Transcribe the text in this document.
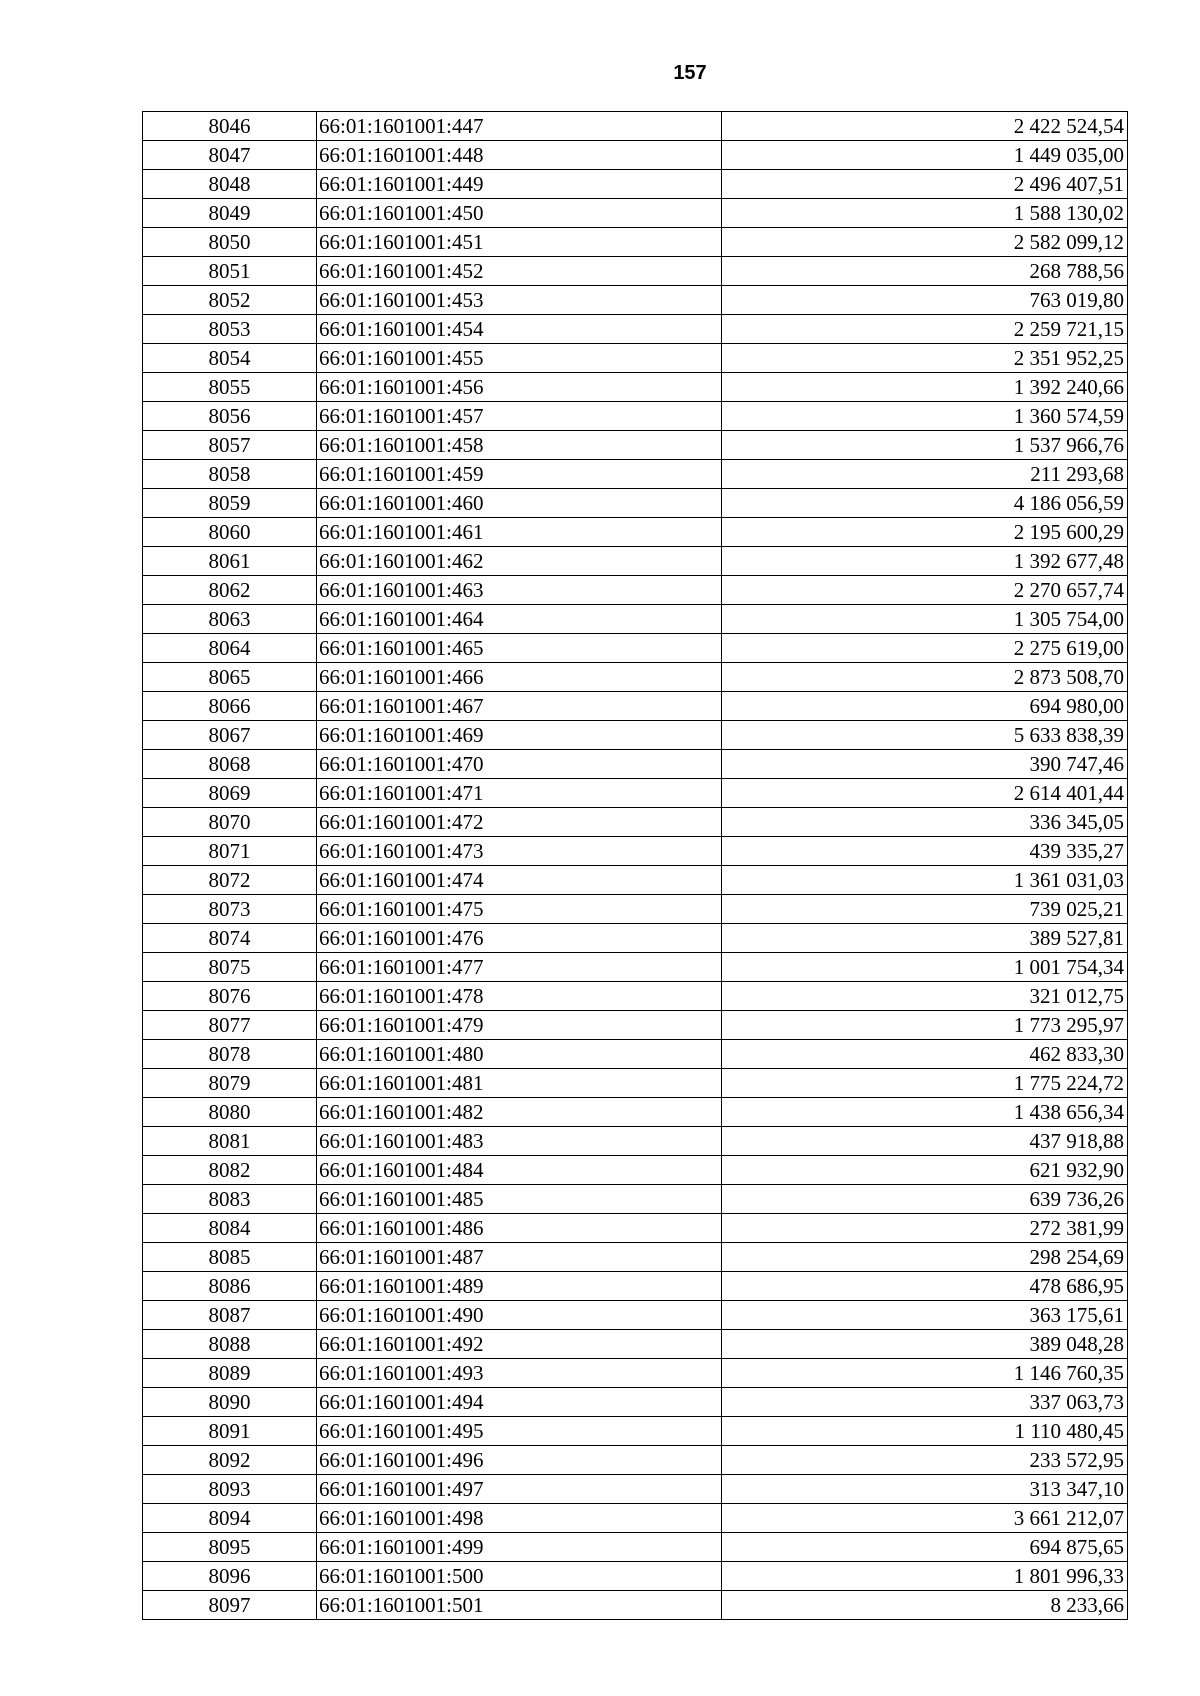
157
8046	66:01:1601001:447	2 422 524,54
8047	66:01:1601001:448	1 449 035,00
8048	66:01:1601001:449	2 496 407,51
8049	66:01:1601001:450	1 588 130,02
8050	66:01:1601001:451	2 582 099,12
8051	66:01:1601001:452	268 788,56
8052	66:01:1601001:453	763 019,80
8053	66:01:1601001:454	2 259 721,15
8054	66:01:1601001:455	2 351 952,25
8055	66:01:1601001:456	1 392 240,66
8056	66:01:1601001:457	1 360 574,59
8057	66:01:1601001:458	1 537 966,76
8058	66:01:1601001:459	211 293,68
8059	66:01:1601001:460	4 186 056,59
8060	66:01:1601001:461	2 195 600,29
8061	66:01:1601001:462	1 392 677,48
8062	66:01:1601001:463	2 270 657,74
8063	66:01:1601001:464	1 305 754,00
8064	66:01:1601001:465	2 275 619,00
8065	66:01:1601001:466	2 873 508,70
8066	66:01:1601001:467	694 980,00
8067	66:01:1601001:469	5 633 838,39
8068	66:01:1601001:470	390 747,46
8069	66:01:1601001:471	2 614 401,44
8070	66:01:1601001:472	336 345,05
8071	66:01:1601001:473	439 335,27
8072	66:01:1601001:474	1 361 031,03
8073	66:01:1601001:475	739 025,21
8074	66:01:1601001:476	389 527,81
8075	66:01:1601001:477	1 001 754,34
8076	66:01:1601001:478	321 012,75
8077	66:01:1601001:479	1 773 295,97
8078	66:01:1601001:480	462 833,30
8079	66:01:1601001:481	1 775 224,72
8080	66:01:1601001:482	1 438 656,34
8081	66:01:1601001:483	437 918,88
8082	66:01:1601001:484	621 932,90
8083	66:01:1601001:485	639 736,26
8084	66:01:1601001:486	272 381,99
8085	66:01:1601001:487	298 254,69
8086	66:01:1601001:489	478 686,95
8087	66:01:1601001:490	363 175,61
8088	66:01:1601001:492	389 048,28
8089	66:01:1601001:493	1 146 760,35
8090	66:01:1601001:494	337 063,73
8091	66:01:1601001:495	1 110 480,45
8092	66:01:1601001:496	233 572,95
8093	66:01:1601001:497	313 347,10
8094	66:01:1601001:498	3 661 212,07
8095	66:01:1601001:499	694 875,65
8096	66:01:1601001:500	1 801 996,33
8097	66:01:1601001:501	8 233,66
